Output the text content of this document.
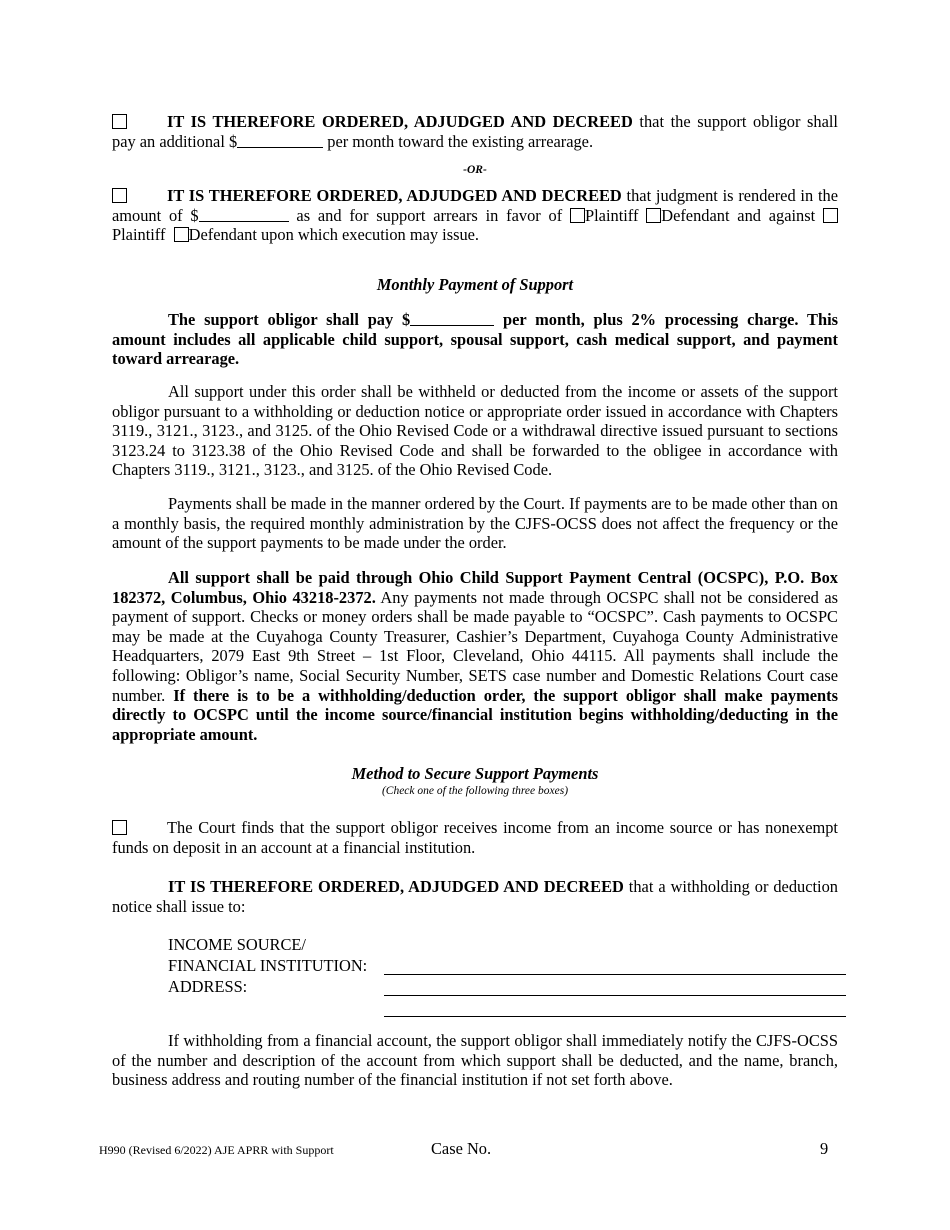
IT IS THEREFORE ORDERED, ADJUDGED AND DECREED that the support obligor shall pay an additional $	per month toward the existing arrearage.

-OR-

IT IS THEREFORE ORDERED, ADJUDGED AND DECREED that judgment is rendered in the amount of $	as and for support arrears in favor of Plaintiff Defendant and against Plaintiff Defendant upon which execution may issue.

Monthly Payment of Support

The support obligor shall pay $	per month, plus 2% processing charge. This amount includes all applicable child support, spousal support, cash medical support, and payment toward arrearage.

All support under this order shall be withheld or deducted from the income or assets of the support obligor pursuant to a withholding or deduction notice or appropriate order issued in accordance with Chapters 3119., 3121., 3123., and 3125. of the Ohio Revised Code or a withdrawal directive issued pursuant to sections 3123.24 to 3123.38 of the Ohio Revised Code and shall be forwarded to the obligee in accordance with Chapters 3119., 3121., 3123., and 3125. of the Ohio Revised Code.

Payments shall be made in the manner ordered by the Court. If payments are to be made other than on a monthly basis, the required monthly administration by the CJFS-OCSS does not affect the frequency or the amount of the support payments to be made under the order.

All support shall be paid through Ohio Child Support Payment Central (OCSPC), P.O. Box 182372, Columbus, Ohio 43218-2372. Any payments not made through OCSPC shall not be considered as payment of support. Checks or money orders shall be made payable to “OCSPC”. Cash payments to OCSPC may be made at the Cuyahoga County Treasurer, Cashier’s Department, Cuyahoga County Administrative Headquarters, 2079 East 9th Street – 1st Floor, Cleveland, Ohio 44115. All payments shall include the following: Obligor’s name, Social Security Number, SETS case number and Domestic Relations Court case number. If there is to be a withholding/deduction order, the support obligor shall make payments directly to OCSPC until the income source/financial institution begins withholding/deducting in the appropriate amount.

Method to Secure Support Payments

(Check one of the following three boxes)

The Court finds that the support obligor receives income from an income source or has nonexempt funds on deposit in an account at a financial institution.

IT IS THEREFORE ORDERED, ADJUDGED AND DECREED that a withholding or deduction notice shall issue to:

INCOME SOURCE/
FINANCIAL INSTITUTION:
ADDRESS:

If withholding from a financial account, the support obligor shall immediately notify the CJFS-OCSS of the number and description of the account from which support shall be deducted, and the name, branch, business address and routing number of the financial institution if not set forth above.

H990 (Revised 6/2022) AJE APRR with Support	Case No.	9
